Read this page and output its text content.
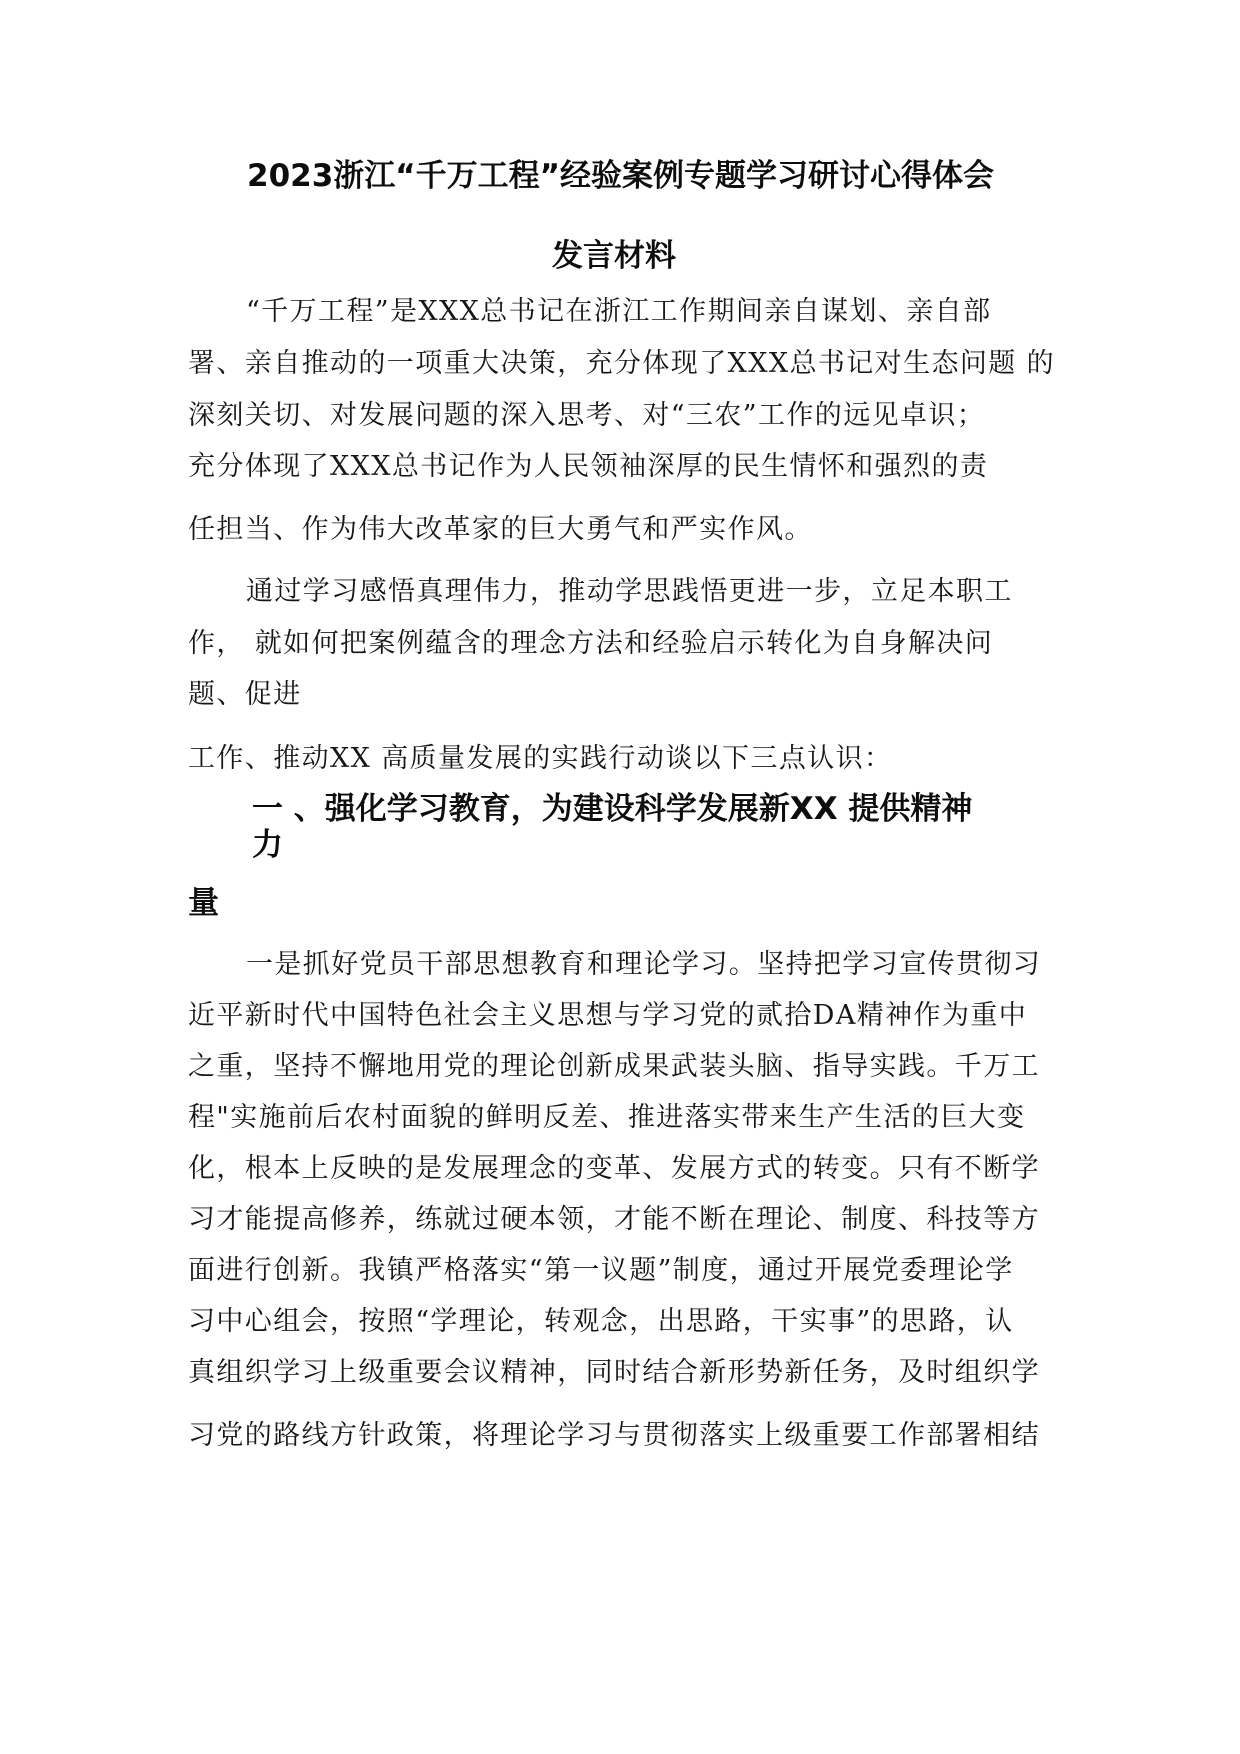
2023浙江“千万工程”经验案例专题学习研讨心得体会
发言材料
“千万工程”是XXX总书记在浙江工作期间亲自谋划、亲自部
署、亲自推动的一项重大决策，充分体现了XXX总书记对生态问题 的
深刻关切、对发展问题的深入思考、对“三农”工作的远见卓识；
充分体现了XXX总书记作为人民领袖深厚的民生情怀和强烈的责
任担当、作为伟大改革家的巨大勇气和严实作风。
通过学习感悟真理伟力，推动学思践悟更进一步，立足本职工
作， 就如何把案例蕴含的理念方法和经验启示转化为自身解决问
题、促进
工作、推动XX 高质量发展的实践行动谈以下三点认识：
一 、强化学习教育，为建设科学发展新XX 提供精神
力
量
一是抓好党员干部思想教育和理论学习。坚持把学习宣传贯彻习
近平新时代中国特色社会主义思想与学习党的贰拾DA精神作为重中
之重，坚持不懈地用党的理论创新成果武装头脑、指导实践。千万工
程"实施前后农村面貌的鲜明反差、推进落实带来生产生活的巨大变
化，根本上反映的是发展理念的变革、发展方式的转变。只有不断学
习才能提高修养，练就过硬本领，才能不断在理论、制度、科技等方
面进行创新。我镇严格落实“第一议题”制度，通过开展党委理论学
习中心组会，按照“学理论，转观念，出思路，干实事”的思路，认
真组织学习上级重要会议精神，同时结合新形势新任务，及时组织学
习党的路线方针政策，将理论学习与贯彻落实上级重要工作部署相结
